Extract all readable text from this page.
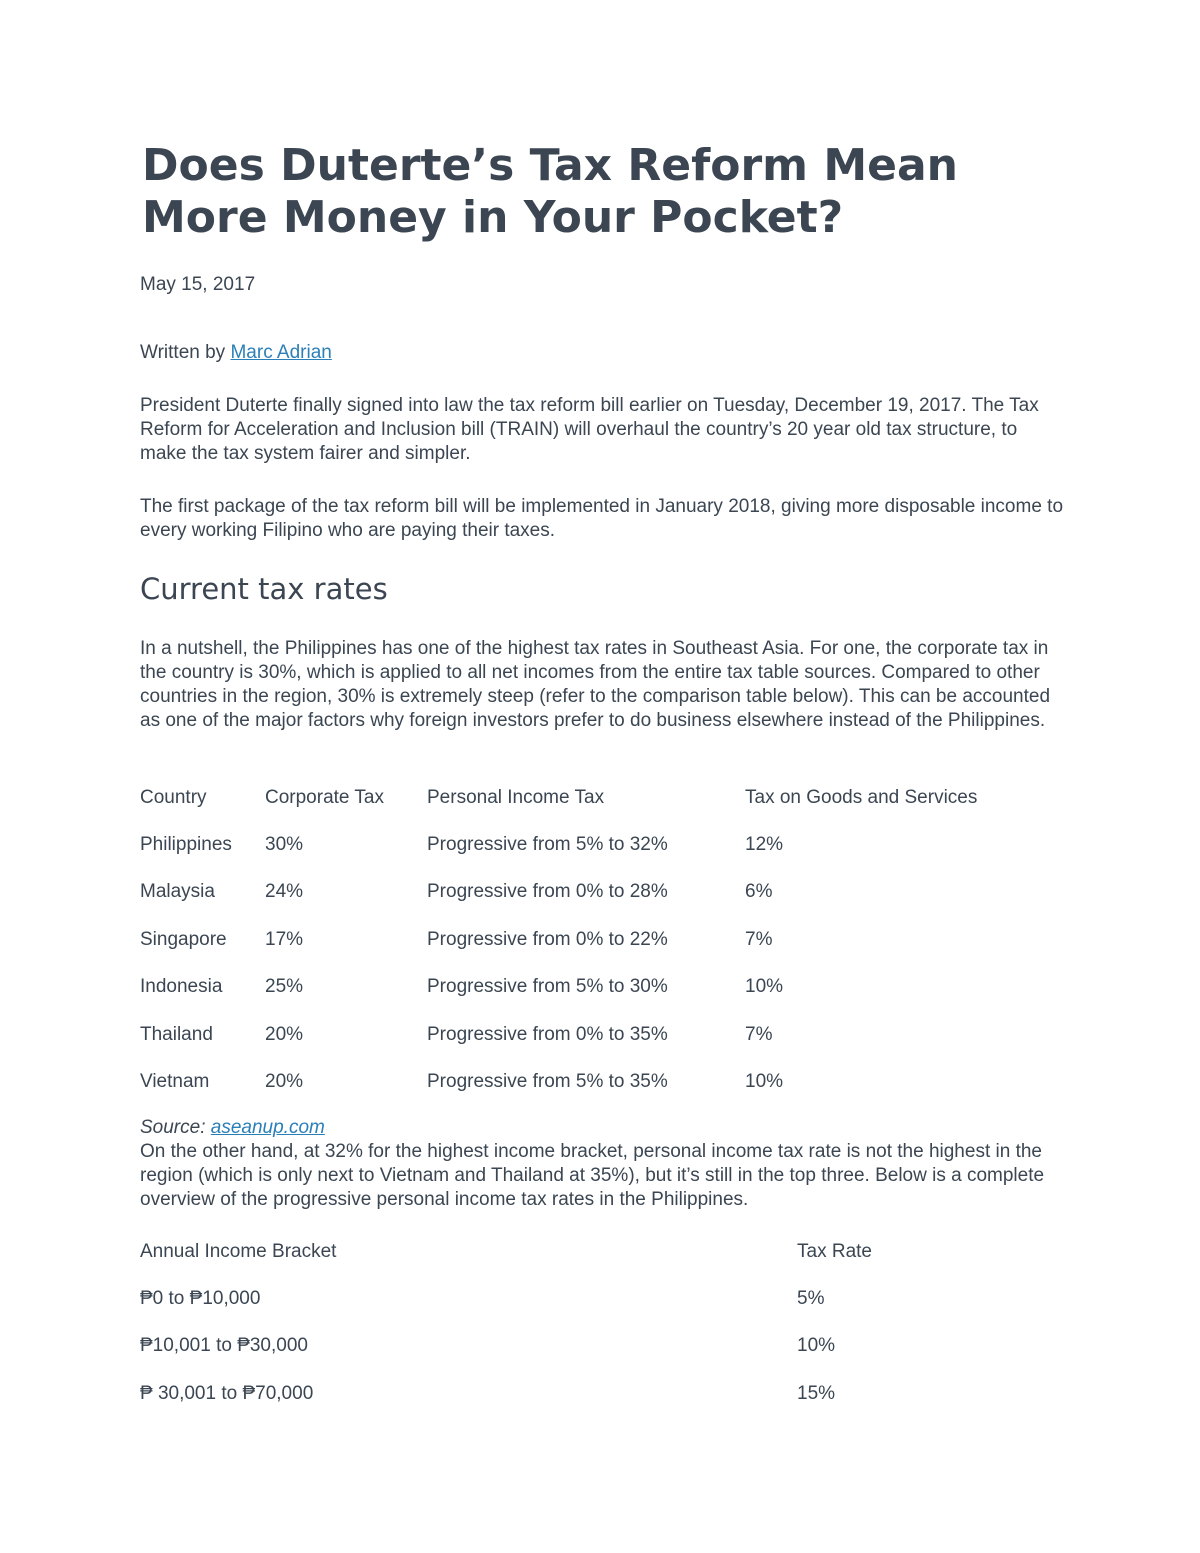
Does Duterte’s Tax Reform Mean
More Money in Your Pocket?
May 15, 2017
Written by Marc Adrian

President Duterte finally signed into law the tax reform bill earlier on Tuesday, December 19, 2017. The Tax Reform for Acceleration and Inclusion bill (TRAIN) will overhaul the country’s 20 year old tax structure, to make the tax system fairer and simpler.

The first package of the tax reform bill will be implemented in January 2018, giving more disposable income to every working Filipino who are paying their taxes.

Current tax rates

In a nutshell, the Philippines has one of the highest tax rates in Southeast Asia. For one, the corporate tax in the country is 30%, which is applied to all net incomes from the entire tax table sources. Compared to other countries in the region, 30% is extremely steep (refer to the comparison table below). This can be accounted as one of the major factors why foreign investors prefer to do business elsewhere instead of the Philippines.

Country	Corporate Tax	Personal Income Tax	Tax on Goods and Services
Philippines	30%	Progressive from 5% to 32%	12%
Malaysia	24%	Progressive from 0% to 28%	6%
Singapore	17%	Progressive from 0% to 22%	7%
Indonesia	25%	Progressive from 5% to 30%	10%
Thailand	20%	Progressive from 0% to 35%	7%
Vietnam	20%	Progressive from 5% to 35%	10%
Source: aseanup.com

On the other hand, at 32% for the highest income bracket, personal income tax rate is not the highest in the region (which is only next to Vietnam and Thailand at 35%), but it’s still in the top three. Below is a complete overview of the progressive personal income tax rates in the Philippines.

Annual Income Bracket	Tax Rate
₱0 to ₱10,000	5%
₱10,001 to ₱30,000	10%
₱ 30,001 to ₱70,000	15%
